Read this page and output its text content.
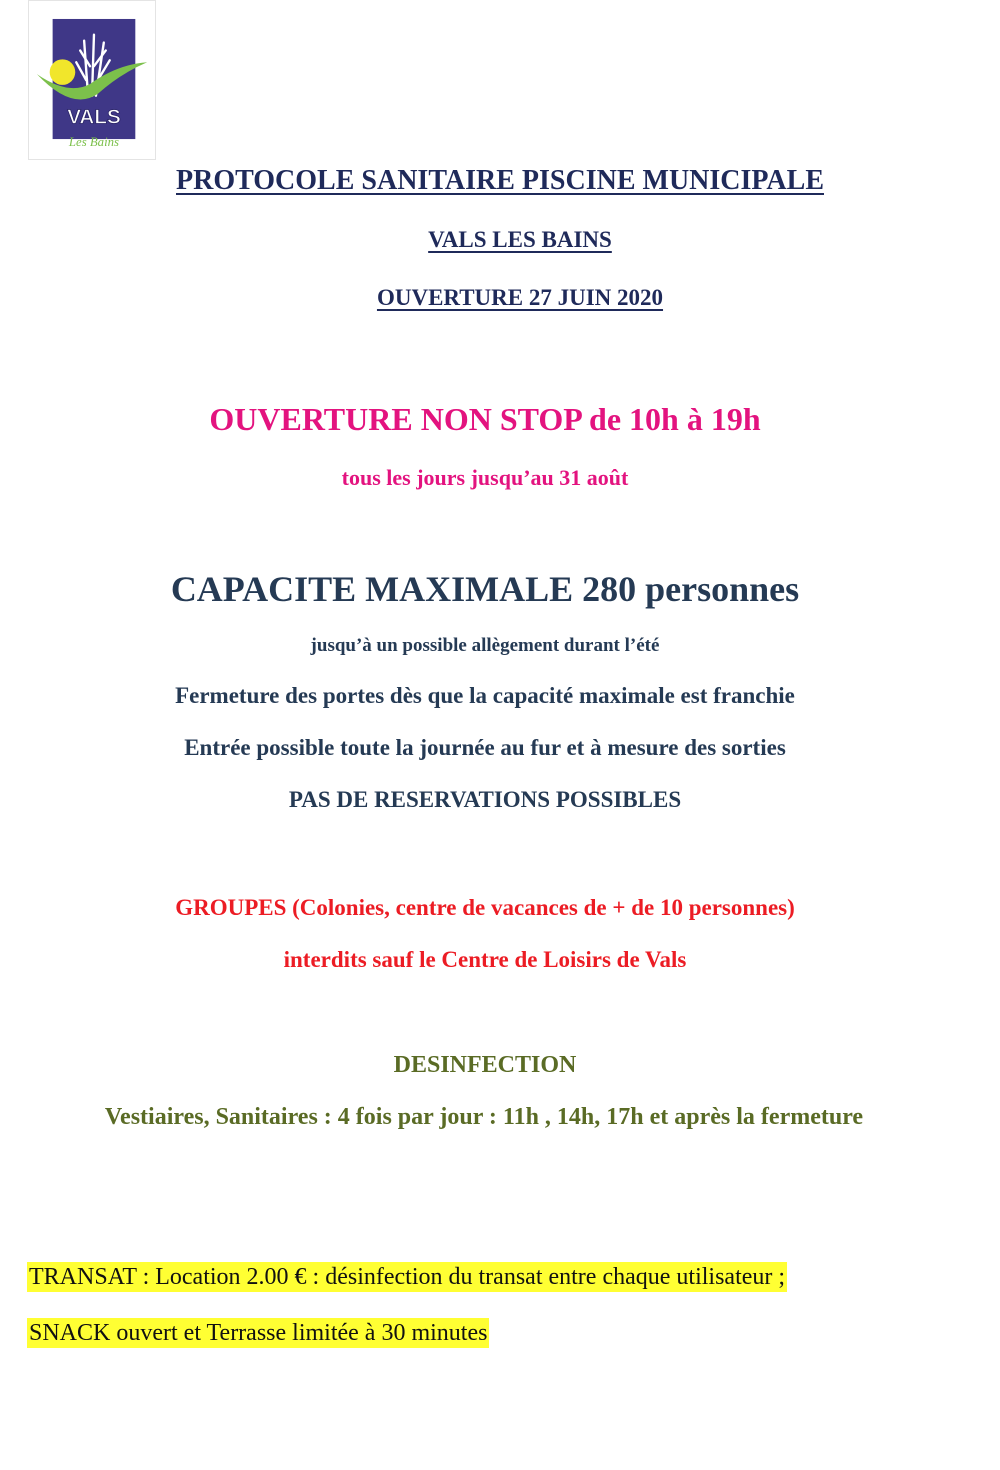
VALS
Les Bains

PROTOCOLE SANITAIRE PISCINE MUNICIPALE

VALS LES BAINS

OUVERTURE 27 JUIN 2020

OUVERTURE NON STOP de 10h à 19h

tous les jours jusqu’au 31 août

CAPACITE MAXIMALE 280 personnes

jusqu’à un possible allègement durant l’été

Fermeture des portes dès que la capacité maximale est franchie

Entrée possible toute la journée au fur et à mesure des sorties

PAS DE RESERVATIONS POSSIBLES

GROUPES (Colonies, centre de vacances de + de 10 personnes)

interdits sauf le Centre de Loisirs de Vals

DESINFECTION

Vestiaires, Sanitaires : 4 fois par jour : 11h , 14h, 17h et après la fermeture

TRANSAT : Location 2.00 € : désinfection du transat entre chaque utilisateur ;

SNACK ouvert et Terrasse limitée à 30 minutes
